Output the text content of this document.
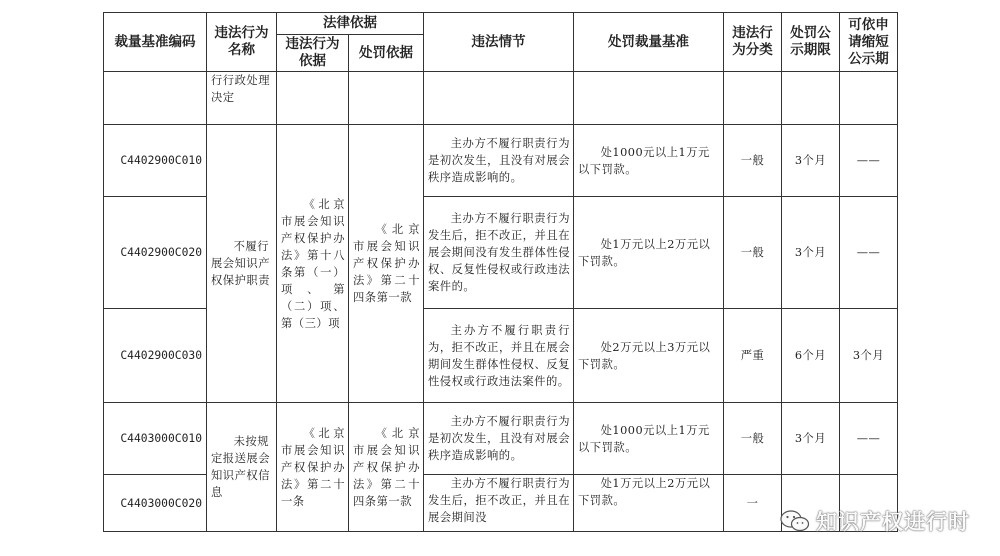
裁量基准编码	违法行为名称	法律依据		违法情节	处罚裁量基准	违法行为分类	处罚公示期限	可依申请缩短公示期
		违法行为依据	处罚依据					
	行行政处理决定							
C4402900C010	不履行展会知识产权保护职责	《北京市展会知识产权保护办法》第十八条第（一）项、第（二）项、第（三）项	《北京市展会知识产权保护办法》第二十四条第一款	主办方不履行职责行为是初次发生，且没有对展会秩序造成影响的。	处1000元以上1万元以下罚款。	一般	3个月	——
C4402900C020				主办方不履行职责行为发生后，拒不改正，并且在展会期间没有发生群体性侵权、反复性侵权或行政违法案件的。	处1万元以上2万元以下罚款。	一般	3个月	——
C4402900C030				主办方不履行职责行为，拒不改正，并且在展会期间发生群体性侵权、反复性侵权或行政违法案件的。	处2万元以上3万元以下罚款。	严重	6个月	3个月
C4403000C010	未按规定报送展会知识产权信息	《北京市展会知识产权保护办法》第二十一条	《北京市展会知识产权保护办法》第二十四条第一款	主办方不履行职责行为是初次发生，且没有对展会秩序造成影响的。	处1000元以上1万元以下罚款。	一般	3个月	——
C4403000C020				主办方不履行职责行为发生后，拒不改正，并且在展会期间没	处1万元以上2万元以下罚款。	一		
知识产权进行时
